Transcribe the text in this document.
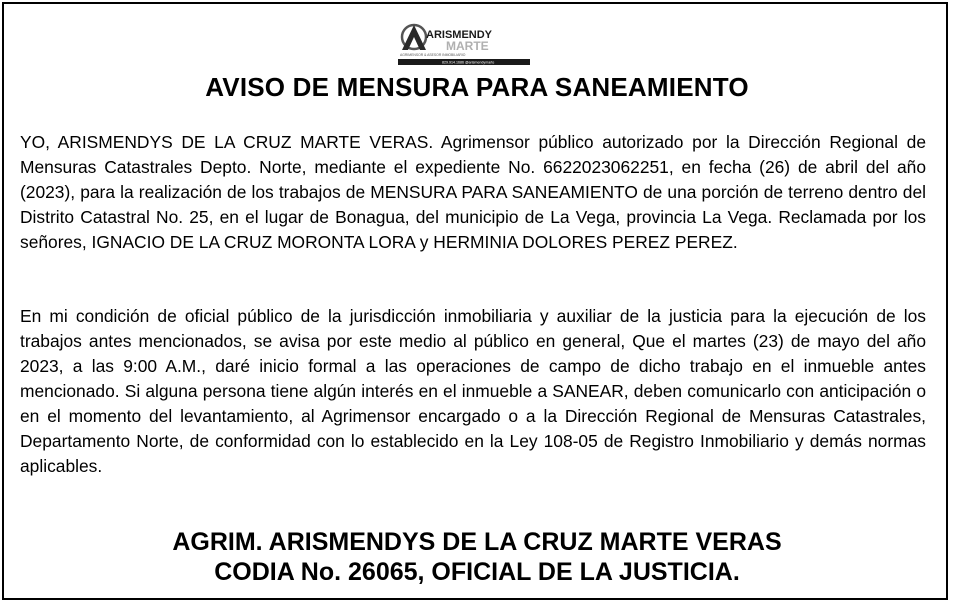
ARISMENDY
MARTE
AGRIMENSOR & ASESOR INMOBILIARIO
829.914.1686 @arismendymarte
AVISO DE MENSURA PARA SANEAMIENTO

YO, ARISMENDYS DE LA CRUZ MARTE VERAS. Agrimensor público autorizado por la Dirección Regional de Mensuras Catastrales Depto. Norte, mediante el expediente No. 6622023062251, en fecha (26) de abril del año (2023), para la realización de los trabajos de MENSURA PARA SANEAMIENTO de una porción de terreno dentro del Distrito Catastral No. 25, en el lugar de Bonagua, del municipio de La Vega, provincia La Vega. Reclamada por los señores, IGNACIO DE LA CRUZ MORONTA LORA y HERMINIA DOLORES PEREZ PEREZ.

En mi condición de oficial público de la jurisdicción inmobiliaria y auxiliar de la justicia para la ejecución de los trabajos antes mencionados, se avisa por este medio al público en general, Que el martes (23) de mayo del año 2023, a las 9:00 A.M., daré inicio formal a las operaciones de campo de dicho trabajo en el inmueble antes mencionado. Si alguna persona tiene algún interés en el inmueble a SANEAR, deben comunicarlo con anticipación o en el momento del levantamiento, al Agrimensor encargado o a la Dirección Regional de Mensuras Catastrales, Departamento Norte, de conformidad con lo establecido en la Ley 108-05 de Registro Inmobiliario y demás normas aplicables.

AGRIM. ARISMENDYS DE LA CRUZ MARTE VERAS
CODIA No. 26065, OFICIAL DE LA JUSTICIA.
